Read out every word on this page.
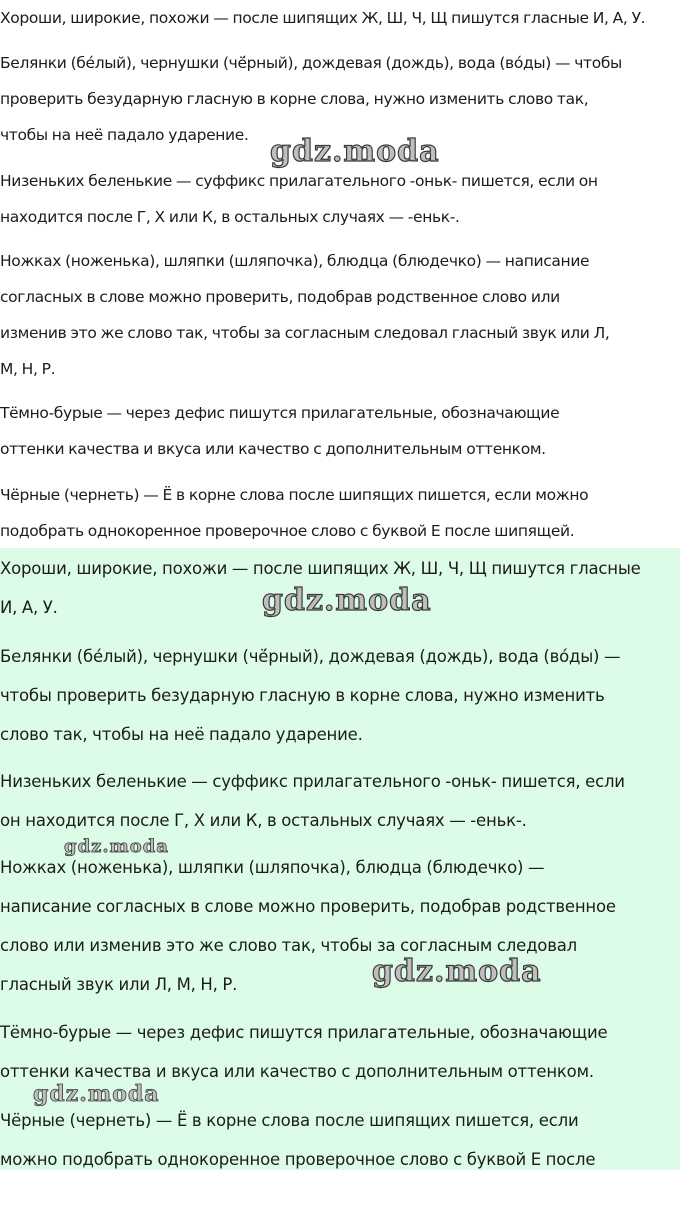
Хороши, широкие, похожи — после шипящих Ж, Ш, Ч, Щ пишутся гласные И, А, У.

Белянки (бе́лый), чернушки (чё́рный), дождевая (дождь), вода (во́ды) — чтобы
проверить безударную гласную в корне слова, нужно изменить слово так,
чтобы на неё падало ударение.

Низеньких беленькие — суффикс прилагательного -оньк- пишется, если он
находится после Г, Х или К, в остальных случаях — -еньк-.

Ножках (ноженька), шляпки (шляпочка), блюдца (блюдечко) — написание
согласных в слове можно проверить, подобрав родственное слово или
изменив это же слово так, чтобы за согласным следовал гласный звук или Л,
М, Н, Р.

Тёмно-бурые — через дефис пишутся прилагательные, обозначающие
оттенки качества и вкуса или качество с дополнительным оттенком.

Чёрные (чернеть) — Ё в корне слова после шипящих пишется, если можно
подобрать однокоренное проверочное слово с буквой Е после шипящей.

Хороши, широкие, похожи — после шипящих Ж, Ш, Ч, Щ пишутся гласные
И, А, У.

Белянки (бе́лый), чернушки (чё́рный), дождевая (дождь), вода (во́ды) —
чтобы проверить безударную гласную в корне слова, нужно изменить
слово так, чтобы на неё падало ударение.

Низеньких беленькие — суффикс прилагательного -оньк- пишется, если
он находится после Г, Х или К, в остальных случаях — -еньк-.

Ножках (ноженька), шляпки (шляпочка), блюдца (блюдечко) —
написание согласных в слове можно проверить, подобрав родственное
слово или изменив это же слово так, чтобы за согласным следовал
гласный звук или Л, М, Н, Р.

Тёмно-бурые — через дефис пишутся прилагательные, обозначающие
оттенки качества и вкуса или качество с дополнительным оттенком.

Чёрные (чернеть) — Ё в корне слова после шипящих пишется, если
можно подобрать однокоренное проверочное слово с буквой Е после

gdz.moda
gdz.moda
gdz.moda
gdz.moda
gdz.moda
